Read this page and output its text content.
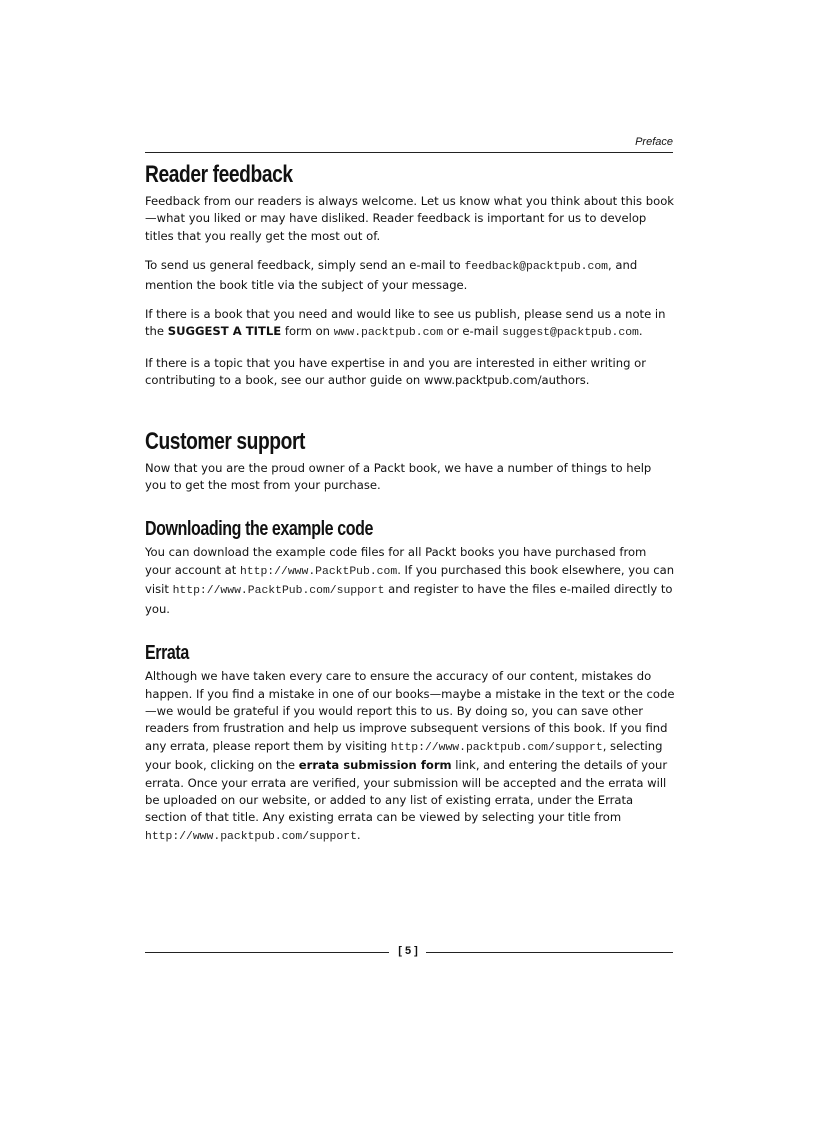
Preface
Reader feedback

Feedback from our readers is always welcome. Let us know what you think about this book—what you liked or may have disliked. Reader feedback is important for us to develop titles that you really get the most out of.

To send us general feedback, simply send an e-mail to feedback@packtpub.com, and mention the book title via the subject of your message.

If there is a book that you need and would like to see us publish, please send us a note in the SUGGEST A TITLE form on www.packtpub.com or e-mail suggest@packtpub.com.

If there is a topic that you have expertise in and you are interested in either writing or contributing to a book, see our author guide on www.packtpub.com/authors.

Customer support

Now that you are the proud owner of a Packt book, we have a number of things to help you to get the most from your purchase.

Downloading the example code

You can download the example code files for all Packt books you have purchased from your account at http://www.PacktPub.com. If you purchased this book elsewhere, you can visit http://www.PacktPub.com/support and register to have the files e-mailed directly to you.

Errata

Although we have taken every care to ensure the accuracy of our content, mistakes do happen. If you find a mistake in one of our books—maybe a mistake in the text or the code—we would be grateful if you would report this to us. By doing so, you can save other readers from frustration and help us improve subsequent versions of this book. If you find any errata, please report them by visiting http://www.packtpub.com/support, selecting your book, clicking on the errata submission form link, and entering the details of your errata. Once your errata are verified, your submission will be accepted and the errata will be uploaded on our website, or added to any list of existing errata, under the Errata section of that title. Any existing errata can be viewed by selecting your title from http://www.packtpub.com/support.

[ 5 ]
